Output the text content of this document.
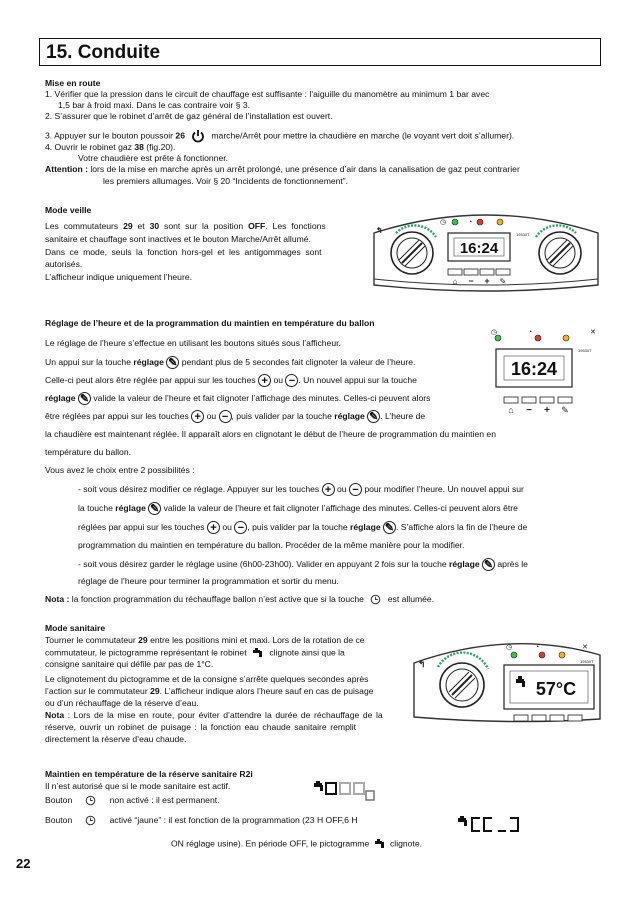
15. Conduite
Mise en route
1. Vérifier que la pression dans le circuit de chauffage est suffisante : l’aiguille du manomètre au minimum 1 bar avec
1,5 bar à froid maxi. Dans le cas contraire voir § 3.
2. S’assurer que le robinet d’arrêt de gaz général de l’installation est ouvert.
3. Appuyer sur le bouton poussoir 26	marche/Arrêt pour mettre la chaudière en marche (le voyant vert doit s’allumer).
4. Ouvrir le robinet gaz 38 (fig.20).
Votre chaudière est prête à fonctionner.
Attention : lors de la mise en marche après un arrêt prolongé, une présence d’air dans la canalisation de gaz peut contrarier
les premiers allumages. Voir § 20 “Incidents de fonctionnement”.
Mode veille
Les commutateurs 29 et 30 sont sur la position OFF. Les fonctions
sanitaire et chauffage sont inactives et le bouton Marche/Arrêt allumé.
Dans ce mode, seuls la fonction hors-gel et les antigommages sont
autorisés.
L’afficheur indique uniquement l’heure.
↰
◷	◔
16:24
19530T
⌂ − + ✎
Réglage de l’heure et de la programmation du maintien en température du ballon
Le réglage de l’heure s’effectue en utilisant les boutons situés sous l’afficheur.
Un appui sur la touche réglage ✎ pendant plus de 5 secondes fait clignoter la valeur de l’heure.
Celle-ci peut alors être réglée par appui sur les touches + ou − . Un nouvel appui sur la touche
réglage ✎ valide la valeur de l’heure et fait clignoter l’affichage des minutes. Celles-ci peuvent alors
être réglées par appui sur les touches + ou − , puis valider par la touche réglage ✎ . L’heure de
la chaudière est maintenant réglée. Il apparaît alors en clignotant le début de l’heure de programmation du maintien en
température du ballon.
Vous avez le choix entre 2 possibilités :
- soit vous désirez modifier ce réglage. Appuyer sur les touches + ou − pour modifier l’heure. Un nouvel appui sur
la touche réglage ✎ valide la valeur de l’heure et fait clignoter l’affichage des minutes. Celles-ci peuvent alors être
réglées par appui sur les touches + ou − , puis valider par la touche réglage ✎ . S’affiche alors la fin de l’heure de
programmation du maintien en température du ballon. Procéder de la même manière pour la modifier.
- soit vous désirez garder le réglage usine (6h00-23h00). Valider en appuyant 2 fois sur la touche réglage ✎ après le
réglage de l’heure pour terminer la programmation et sortir du menu.
Nota : la fonction programmation du réchauffage ballon n’est active que si la touche  est allumée.
◷	◔	✕
16:24
19530T
⌂ − + ✎
Mode sanitaire
Tourner le commutateur 29 entre les positions mini et maxi. Lors de la rotation de ce
commutateur, le pictogramme représentant le robinet  clignote ainsi que la
consigne sanitaire qui défile par pas de 1°C.
Le clignotement du pictogramme et de la consigne s’arrête quelques secondes après
l’action sur le commutateur 29. L’afficheur indique alors l’heure sauf en cas de puisage
ou d’un réchauffage de la réserve d’eau.
Nota : Lors de la mise en route, pour éviter d’attendre la durée de réchauffage de la
réserve, ouvrir un robinet de puisage : la fonction eau chaude sanitaire remplit
directement la réserve d’eau chaude.
↰
◷	◔	✕
57°C
19530T
Maintien en température de la réserve sanitaire R2i
Il n’est autorisé que si le mode sanitaire est actif.
Bouton	non activé : il est permanent.
Bouton	activé “jaune” : il est fonction de la programmation (23 H OFF,6 H
ON réglage usine). En période OFF, le pictogramme  clignote.
22
